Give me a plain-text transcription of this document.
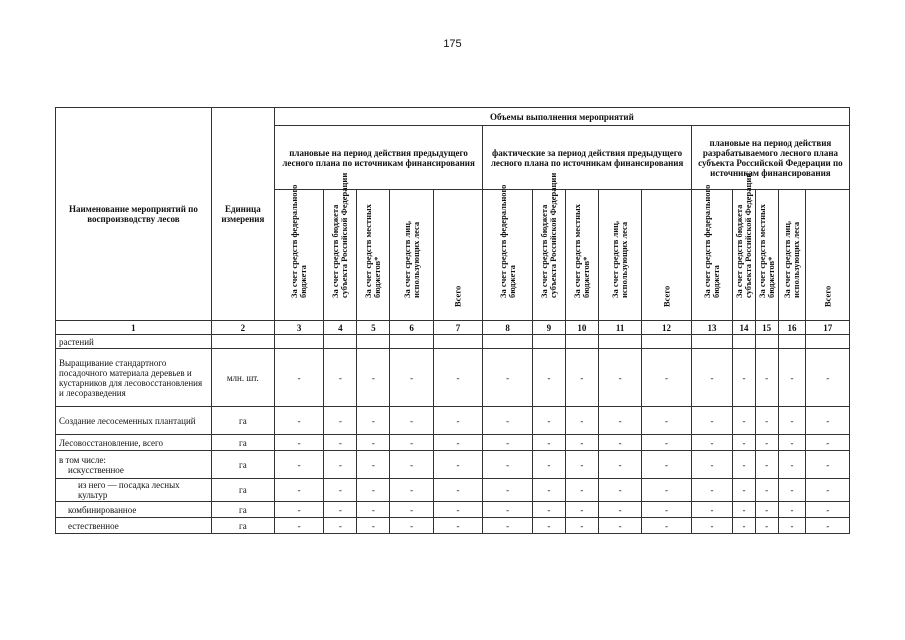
175
Наименование мероприятий по воспроизводству лесов	Единица измерения	Объемы выполнения мероприятий														
		плановые на период действия предыдущего лесного плана по источникам финансирования					фактические за период действия предыдущего лесного плана по источникам финансирования					плановые на период действия разрабатываемого лесного плана субъекта Российской Федерации по источникам финансирования				

		За счет средств федерального бюджета	За счет средств бюджета субъекта Российской Федерации	За счет средств местных бюджетов*	За счет средств лиц, использующих леса	Всего	За счет средств федерального бюджета	За счет средств бюджета субъекта Российской Федерации	За счет средств местных бюджетов*	За счет средств лиц, использующих леса	Всего	За счет средств федерального бюджета	За счет средств бюджета субъекта Российской Федерации	За счет средств местных бюджетов*	За счет средств лиц, использующих леса	Всего

1	2	3	4	5	6	7	8	9	10	11	12	13	14	15	16	17

растений																

Выращивание стандартного посадочного материала деревьев и кустарников для лесовосстановления и лесоразведения	млн. шт.	-	-	-	-	-	-	-	-	-	-	-	-	-	-	-

Создание лесосеменных плантаций	га	-	-	-	-	-	-	-	-	-	-	-	-	-	-	-

Лесовосстановление, всего	га	-	-	-	-	-	-	-	-	-	-	-	-	-	-	-

в том числе:
искусственное	га	-	-	-	-	-	-	-	-	-	-	-	-	-	-	-

из него — посадка лесных культур	га	-	-	-	-	-	-	-	-	-	-	-	-	-	-	-

комбинированное	га	-	-	-	-	-	-	-	-	-	-	-	-	-	-	-

естественное	га	-	-	-	-	-	-	-	-	-	-	-	-	-	-	-
